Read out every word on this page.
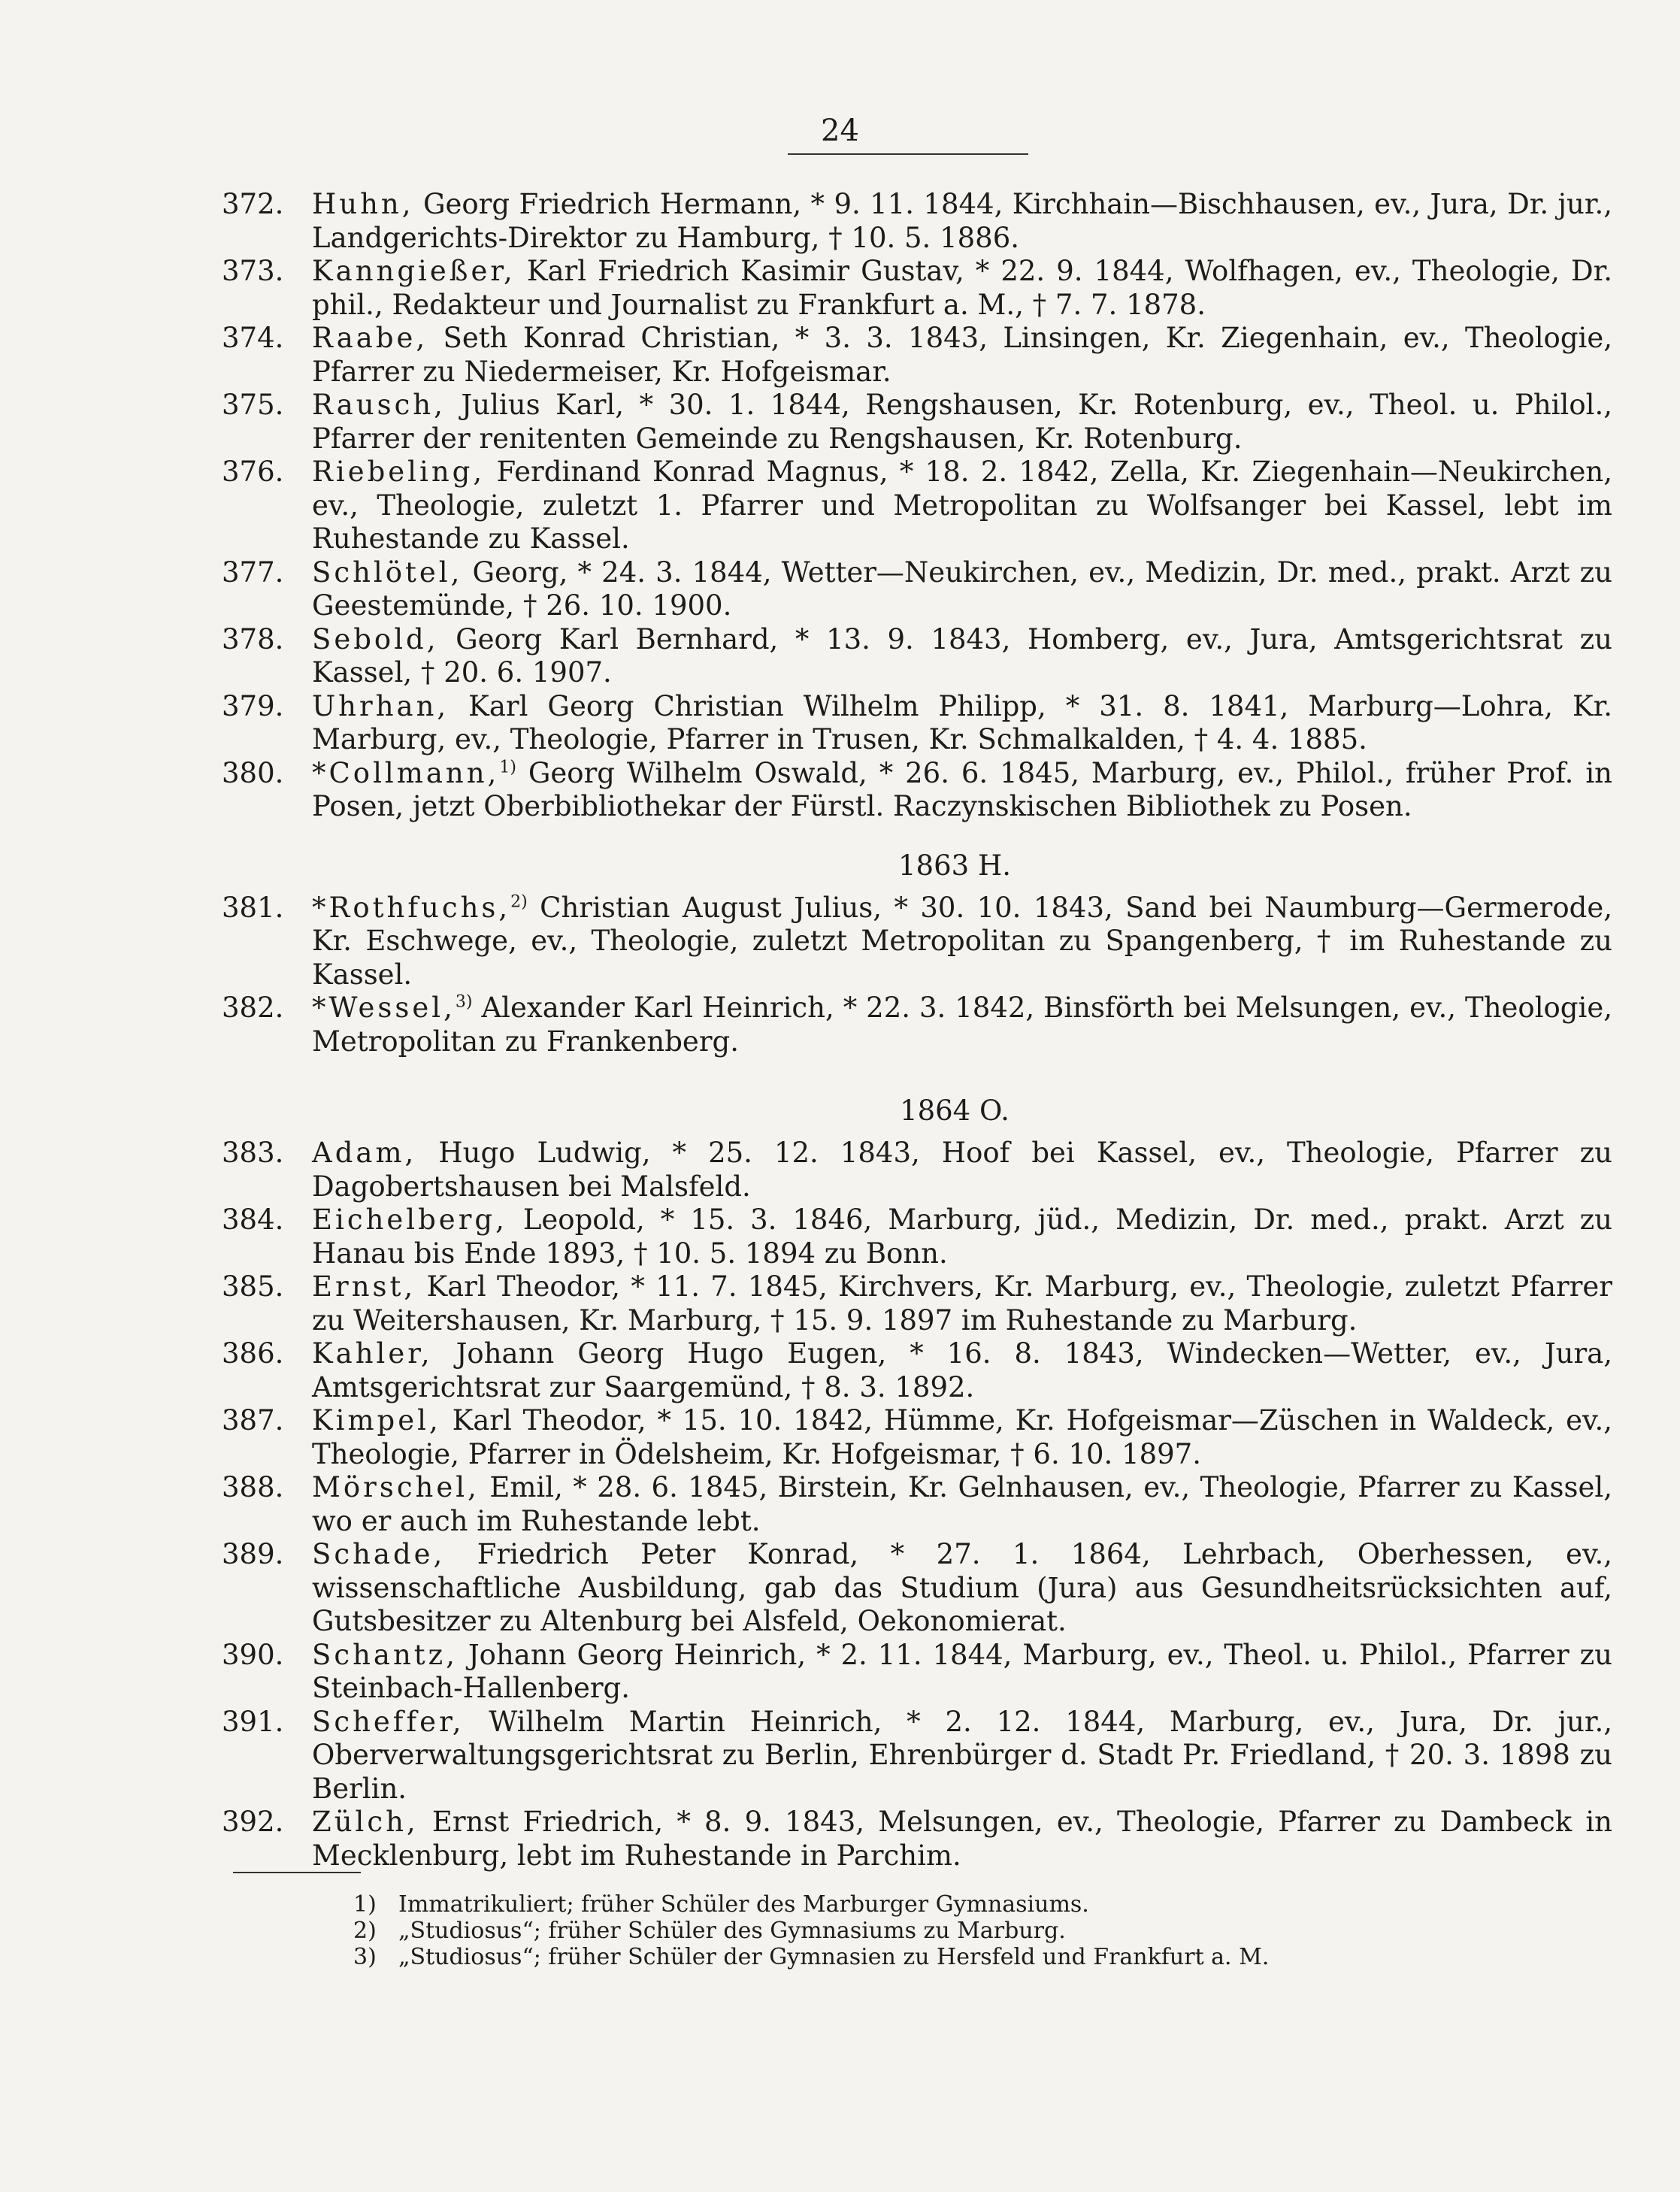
24
372.	Huhn, Georg Friedrich Hermann, * 9. 11. 1844, Kirchhain—Bischhausen, ev., Jura, Dr. jur., Landgerichts-Direktor zu Hamburg, † 10. 5. 1886.
373.	Kanngießer, Karl Friedrich Kasimir Gustav, * 22. 9. 1844, Wolfhagen, ev., Theologie, Dr. phil., Redakteur und Journalist zu Frankfurt a. M., † 7. 7. 1878.
374.	Raabe, Seth Konrad Christian, * 3. 3. 1843, Linsingen, Kr. Ziegenhain, ev., Theologie, Pfarrer zu Niedermeiser, Kr. Hofgeismar.
375.	Rausch, Julius Karl, * 30. 1. 1844, Rengshausen, Kr. Rotenburg, ev., Theol. u. Philol., Pfarrer der renitenten Gemeinde zu Rengshausen, Kr. Rotenburg.
376.	Riebeling, Ferdinand Konrad Magnus, * 18. 2. 1842, Zella, Kr. Ziegenhain—Neukirchen, ev., Theologie, zuletzt 1. Pfarrer und Metropolitan zu Wolfsanger bei Kassel, lebt im Ruhestande zu Kassel.
377.	Schlötel, Georg, * 24. 3. 1844, Wetter—Neukirchen, ev., Medizin, Dr. med., prakt. Arzt zu Geestemünde, † 26. 10. 1900.
378.	Sebold, Georg Karl Bernhard, * 13. 9. 1843, Homberg, ev., Jura, Amtsgerichtsrat zu Kassel, † 20. 6. 1907.
379.	Uhrhan, Karl Georg Christian Wilhelm Philipp, * 31. 8. 1841, Marburg—Lohra, Kr. Marburg, ev., Theologie, Pfarrer in Trusen, Kr. Schmalkalden, † 4. 4. 1885.
380.	*Collmann,$^{1)}$ Georg Wilhelm Oswald, * 26. 6. 1845, Marburg, ev., Philol., früher Prof. in Posen, jetzt Oberbibliothekar der Fürstl. Raczynskischen Bibliothek zu Posen.
1863 H.
381.	*Rothfuchs,$^{2)}$ Christian August Julius, * 30. 10. 1843, Sand bei Naumburg—Germerode, Kr. Eschwege, ev., Theologie, zuletzt Metropolitan zu Spangenberg, † im Ruhestande zu Kassel.
382.	*Wessel,$^{3)}$ Alexander Karl Heinrich, * 22. 3. 1842, Binsförth bei Melsungen, ev., Theologie, Metropolitan zu Frankenberg.
1864 O.
383.	Adam, Hugo Ludwig, * 25. 12. 1843, Hoof bei Kassel, ev., Theologie, Pfarrer zu Dagobertshausen bei Malsfeld.
384.	Eichelberg, Leopold, * 15. 3. 1846, Marburg, jüd., Medizin, Dr. med., prakt. Arzt zu Hanau bis Ende 1893, † 10. 5. 1894 zu Bonn.
385.	Ernst, Karl Theodor, * 11. 7. 1845, Kirchvers, Kr. Marburg, ev., Theologie, zuletzt Pfarrer zu Weitershausen, Kr. Marburg, † 15. 9. 1897 im Ruhestande zu Marburg.
386.	Kahler, Johann Georg Hugo Eugen, * 16. 8. 1843, Windecken—Wetter, ev., Jura, Amtsgerichtsrat zur Saargemünd, † 8. 3. 1892.
387.	Kimpel, Karl Theodor, * 15. 10. 1842, Hümme, Kr. Hofgeismar—Züschen in Waldeck, ev., Theologie, Pfarrer in Ödelsheim, Kr. Hofgeismar, † 6. 10. 1897.
388.	Mörschel, Emil, * 28. 6. 1845, Birstein, Kr. Gelnhausen, ev., Theologie, Pfarrer zu Kassel, wo er auch im Ruhestande lebt.
389.	Schade, Friedrich Peter Konrad, * 27. 1. 1864, Lehrbach, Oberhessen, ev., wissenschaftliche Ausbildung, gab das Studium (Jura) aus Gesundheitsrücksichten auf, Gutsbesitzer zu Altenburg bei Alsfeld, Oekonomierat.
390.	Schantz, Johann Georg Heinrich, * 2. 11. 1844, Marburg, ev., Theol. u. Philol., Pfarrer zu Steinbach-Hallenberg.
391.	Scheffer, Wilhelm Martin Heinrich, * 2. 12. 1844, Marburg, ev., Jura, Dr. jur., Oberverwaltungsgerichtsrat zu Berlin, Ehrenbürger d. Stadt Pr. Friedland, † 20. 3. 1898 zu Berlin.
392.	Zülch, Ernst Friedrich, * 8. 9. 1843, Melsungen, ev., Theologie, Pfarrer zu Dambeck in Mecklenburg, lebt im Ruhestande in Parchim.
1) Immatrikuliert; früher Schüler des Marburger Gymnasiums.
2) „Studiosus“; früher Schüler des Gymnasiums zu Marburg.
3) „Studiosus“; früher Schüler der Gymnasien zu Hersfeld und Frankfurt a. M.
